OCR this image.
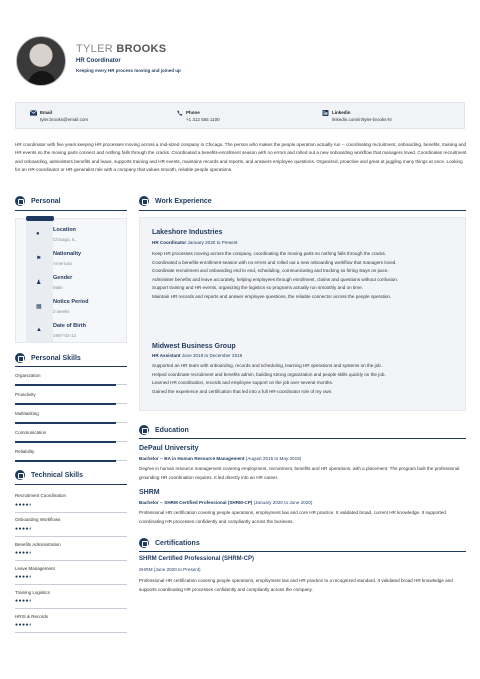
TYLER BROOKS
HR Coordinator
Keeping every HR process moving and joined up
Email
tyler.brooks@email.com
Phone
+1 312 555 1100
Linkedin
linkedin.com/in/tyler-brooks-hr
HR coordinator with five years keeping HR processes moving across a mid-sized company in Chicago. The person who makes the people operation actually run -- coordinating recruitment, onboarding, benefits, training and HR events so the moving parts connect and nothing falls through the cracks. Coordinated a benefits-enrollment season with no errors and rolled out a new onboarding workflow that managers loved. Coordinates recruitment and onboarding, administers benefits and leave, supports training and HR events, maintains records and reports, and answers employee questions. Organized, proactive and great at juggling many things at once. Looking for an HR-coordinator or HR-generalist role with a company that values smooth, reliable people operations.
Personal
●
Location
Chicago, IL
⚑
Nationality
American
♟
Gender
Male
▦
Notice Period
2 weeks
▲
Date of Birth
1997-03-12
Personal Skills
Organization
Proactivity
Multitasking
Communication
Reliability
Technical Skills
Recruitment Coordination
●●●●◐
Onboarding Workflows
●●●●◐
Benefits Administration
●●●●◐
Leave Management
●●●●◐
Training Logistics
●●●●◐
HRIS & Records
●●●●◐
Work Experience
Lakeshore Industries
HR Coordinator January 2020 to Present
Keep HR processes moving across the company, coordinating the moving parts so nothing falls through the cracks.
Coordinated a benefits-enrollment season with no errors and rolled out a new onboarding workflow that managers loved.
Coordinate recruitment and onboarding end to end, scheduling, communicating and tracking so hiring stays on pace.
Administer benefits and leave accurately, helping employees through enrollment, claims and questions without confusion.
Support training and HR events, organizing the logistics so programs actually run smoothly and on time.
Maintain HR records and reports and answer employee questions, the reliable connector across the people operation.
Midwest Business Group
HR Assistant June 2019 to December 2019
Supported an HR team with onboarding, records and scheduling, learning HR operations and systems on the job.
Helped coordinate recruitment and benefits admin, building strong organization and people skills quickly on the job.
Learned HR coordination, records and employee support on the job over several months.
Gained the experience and certification that led into a full HR-coordinator role of my own.
Education
DePaul University
Bachelor -- BA in Human Resource Management (August 2015 to May 2019)
Degree in human resource management covering employment, recruitment, benefits and HR operations, with a placement. The program built the professional grounding HR coordination requires. It led directly into an HR career.
SHRM
Bachelor -- SHRM Certified Professional (SHRM-CP) (January 2020 to June 2020)
Professional HR certification covering people operations, employment law and core HR practice. It validated broad, current HR knowledge. It supported coordinating HR processes confidently and compliantly across the business.
Certifications
SHRM Certified Professional (SHRM-CP)
SHRM (June 2020 to Present)
Professional HR certification covering people operations, employment law and HR practice to a recognized standard. It validated broad HR knowledge and supports coordinating HR processes confidently and compliantly across the company.
